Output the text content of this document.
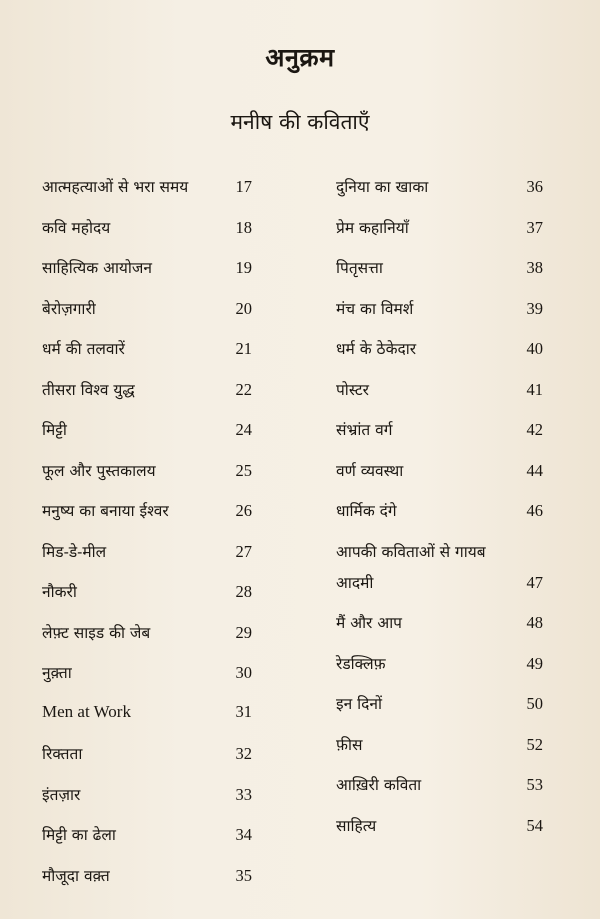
अनुक्रम
मनीष की कविताएँ
आत्महत्याओं से भरा समय	17
कवि महोदय	18
साहित्यिक आयोजन	19
बेरोज़गारी	20
धर्म की तलवारें	21
तीसरा विश्व युद्ध	22
मिट्टी	24
फूल और पुस्तकालय	25
मनुष्य का बनाया ईश्वर	26
मिड-डे-मील	27
नौकरी	28
लेफ़्ट साइड की जेब	29
नुक़्ता	30
Men at Work	31
रिक्तता	32
इंतज़ार	33
मिट्टी का ढेला	34
मौजूदा वक़्त	35
दुनिया का खाका	36
प्रेम कहानियाँ	37
पितृसत्ता	38
मंच का विमर्श	39
धर्म के ठेकेदार	40
पोस्टर	41
संभ्रांत वर्ग	42
वर्ण व्यवस्था	44
धार्मिक दंगे	46
आपकी कविताओं से गायब
आदमी	47
मैं और आप	48
रेडक्लिफ़	49
इन दिनों	50
फ़ीस	52
आख़िरी कविता	53
साहित्य	54
